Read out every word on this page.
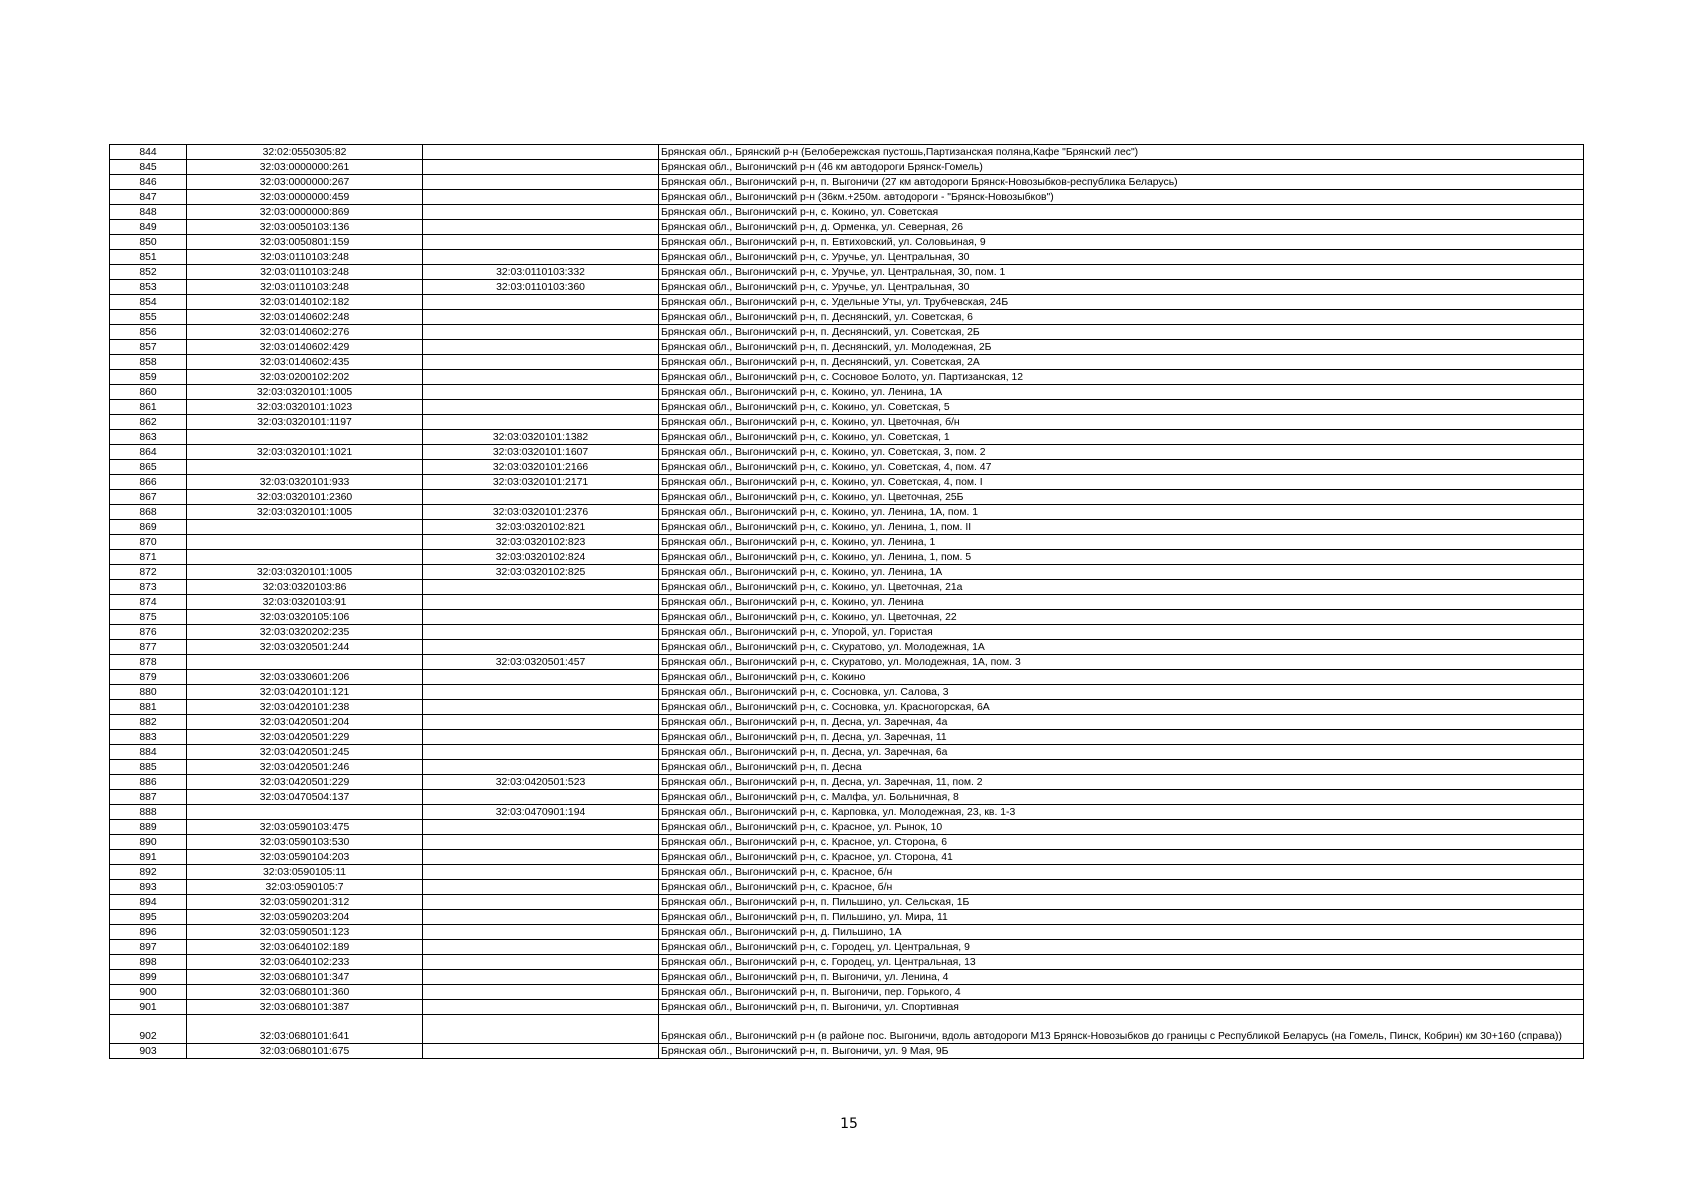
844	32:02:0550305:82		Брянская обл., Брянский р-н (Белобережская пустошь,Партизанская поляна,Кафе "Брянский лес")
845	32:03:0000000:261		Брянская обл., Выгоничский р-н (46 км автодороги Брянск-Гомель)
846	32:03:0000000:267		Брянская обл., Выгоничский р-н, п. Выгоничи (27 км автодороги Брянск-Новозыбков-республика Беларусь)
847	32:03:0000000:459		Брянская обл., Выгоничский р-н (36км.+250м. автодороги - "Брянск-Новозыбков")
848	32:03:0000000:869		Брянская обл., Выгоничский р-н, с. Кокино, ул. Советская
849	32:03:0050103:136		Брянская обл., Выгоничский р-н, д. Орменка, ул. Северная, 26
850	32:03:0050801:159		Брянская обл., Выгоничский р-н, п. Евтиховский, ул. Соловьиная, 9
851	32:03:0110103:248		Брянская обл., Выгоничский р-н, с. Уручье, ул. Центральная, 30
852	32:03:0110103:248	32:03:0110103:332	Брянская обл., Выгоничский р-н, с. Уручье, ул. Центральная, 30, пом. 1
853	32:03:0110103:248	32:03:0110103:360	Брянская обл., Выгоничский р-н, с. Уручье, ул. Центральная, 30
854	32:03:0140102:182		Брянская обл., Выгоничский р-н, с. Удельные Уты, ул. Трубчевская, 24Б
855	32:03:0140602:248		Брянская обл., Выгоничский р-н, п. Деснянский, ул. Советская, 6
856	32:03:0140602:276		Брянская обл., Выгоничский р-н, п. Деснянский, ул. Советская, 2Б
857	32:03:0140602:429		Брянская обл., Выгоничский р-н, п. Деснянский, ул. Молодежная, 2Б
858	32:03:0140602:435		Брянская обл., Выгоничский р-н, п. Деснянский, ул. Советская, 2А
859	32:03:0200102:202		Брянская обл., Выгоничский р-н, с. Сосновое Болото, ул. Партизанская, 12
860	32:03:0320101:1005		Брянская обл., Выгоничский р-н, с. Кокино, ул. Ленина, 1А
861	32:03:0320101:1023		Брянская обл., Выгоничский р-н, с. Кокино, ул. Советская, 5
862	32:03:0320101:1197		Брянская обл., Выгоничский р-н, с. Кокино, ул. Цветочная, б/н
863		32:03:0320101:1382	Брянская обл., Выгоничский р-н, с. Кокино, ул. Советская, 1
864	32:03:0320101:1021	32:03:0320101:1607	Брянская обл., Выгоничский р-н, с. Кокино, ул. Советская, 3, пом. 2
865		32:03:0320101:2166	Брянская обл., Выгоничский р-н, с. Кокино, ул. Советская, 4, пом. 47
866	32:03:0320101:933	32:03:0320101:2171	Брянская обл., Выгоничский р-н, с. Кокино, ул. Советская, 4, пом. I
867	32:03:0320101:2360		Брянская обл., Выгоничский р-н, с. Кокино, ул. Цветочная, 25Б
868	32:03:0320101:1005	32:03:0320101:2376	Брянская обл., Выгоничский р-н, с. Кокино, ул. Ленина, 1А, пом. 1
869		32:03:0320102:821	Брянская обл., Выгоничский р-н, с. Кокино, ул. Ленина, 1, пом. II
870		32:03:0320102:823	Брянская обл., Выгоничский р-н, с. Кокино, ул. Ленина, 1
871		32:03:0320102:824	Брянская обл., Выгоничский р-н, с. Кокино, ул. Ленина, 1, пом. 5
872	32:03:0320101:1005	32:03:0320102:825	Брянская обл., Выгоничский р-н, с. Кокино, ул. Ленина, 1А
873	32:03:0320103:86		Брянская обл., Выгоничский р-н, с. Кокино, ул. Цветочная, 21а
874	32:03:0320103:91		Брянская обл., Выгоничский р-н, с. Кокино, ул. Ленина
875	32:03:0320105:106		Брянская обл., Выгоничский р-н, с. Кокино, ул. Цветочная, 22
876	32:03:0320202:235		Брянская обл., Выгоничский р-н, с. Упорой, ул. Гористая
877	32:03:0320501:244		Брянская обл., Выгоничский р-н, с. Скуратово, ул. Молодежная, 1А
878		32:03:0320501:457	Брянская обл., Выгоничский р-н, с. Скуратово, ул. Молодежная, 1А, пом. 3
879	32:03:0330601:206		Брянская обл., Выгоничский р-н, с. Кокино
880	32:03:0420101:121		Брянская обл., Выгоничский р-н, с. Сосновка, ул. Салова, 3
881	32:03:0420101:238		Брянская обл., Выгоничский р-н, с. Сосновка, ул. Красногорская, 6А
882	32:03:0420501:204		Брянская обл., Выгоничский р-н, п. Десна, ул. Заречная, 4а
883	32:03:0420501:229		Брянская обл., Выгоничский р-н, п. Десна, ул. Заречная, 11
884	32:03:0420501:245		Брянская обл., Выгоничский р-н, п. Десна, ул. Заречная, 6а
885	32:03:0420501:246		Брянская обл., Выгоничский р-н, п. Десна
886	32:03:0420501:229	32:03:0420501:523	Брянская обл., Выгоничский р-н, п. Десна, ул. Заречная, 11, пом. 2
887	32:03:0470504:137		Брянская обл., Выгоничский р-н, с. Малфа, ул. Больничная, 8
888		32:03:0470901:194	Брянская обл., Выгоничский р-н, с. Карповка, ул. Молодежная, 23, кв. 1-3
889	32:03:0590103:475		Брянская обл., Выгоничский р-н, с. Красное, ул. Рынок, 10
890	32:03:0590103:530		Брянская обл., Выгоничский р-н, с. Красное, ул. Сторона, 6
891	32:03:0590104:203		Брянская обл., Выгоничский р-н, с. Красное, ул. Сторона, 41
892	32:03:0590105:11		Брянская обл., Выгоничский р-н, с. Красное, б/н
893	32:03:0590105:7		Брянская обл., Выгоничский р-н, с. Красное, б/н
894	32:03:0590201:312		Брянская обл., Выгоничский р-н, п. Пильшино, ул. Сельская, 1Б
895	32:03:0590203:204		Брянская обл., Выгоничский р-н, п. Пильшино, ул. Мира, 11
896	32:03:0590501:123		Брянская обл., Выгоничский р-н, д. Пильшино, 1А
897	32:03:0640102:189		Брянская обл., Выгоничский р-н, с. Городец, ул. Центральная, 9
898	32:03:0640102:233		Брянская обл., Выгоничский р-н, с. Городец, ул. Центральная, 13
899	32:03:0680101:347		Брянская обл., Выгоничский р-н, п. Выгоничи, ул. Ленина, 4
900	32:03:0680101:360		Брянская обл., Выгоничский р-н, п. Выгоничи, пер. Горького, 4
901	32:03:0680101:387		Брянская обл., Выгоничский р-н, п. Выгоничи, ул. Спортивная
902	32:03:0680101:641		Брянская обл., Выгоничский р-н (в районе пос. Выгоничи, вдоль автодороги М13 Брянск-Новозыбков до границы с Республикой Беларусь (на Гомель, Пинск, Кобрин) км 30+160 (справа))
903	32:03:0680101:675		Брянская обл., Выгоничский р-н, п. Выгоничи, ул. 9 Мая, 9Б
15
